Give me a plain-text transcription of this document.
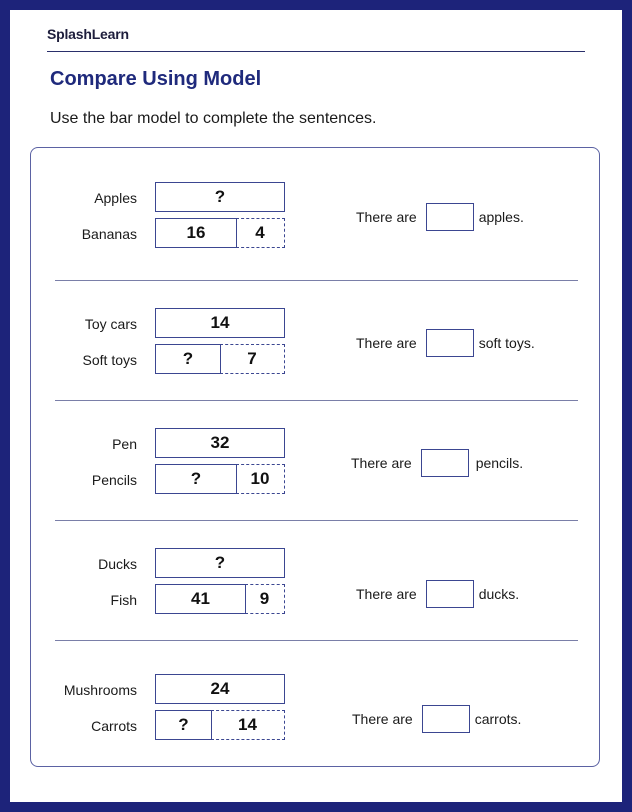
SplashLearn
Compare Using Model
Use the bar model to complete the sentences.
Apples
Bananas
?
16	4
There are	apples.
Toy cars
Soft toys
14
?	7
There are	soft toys.
Pen
Pencils
32
?	10
There are	pencils.
Ducks
Fish
?
41	9	There are	ducks.
Mushrooms
Carrots
24
?	14	There are	carrots.
